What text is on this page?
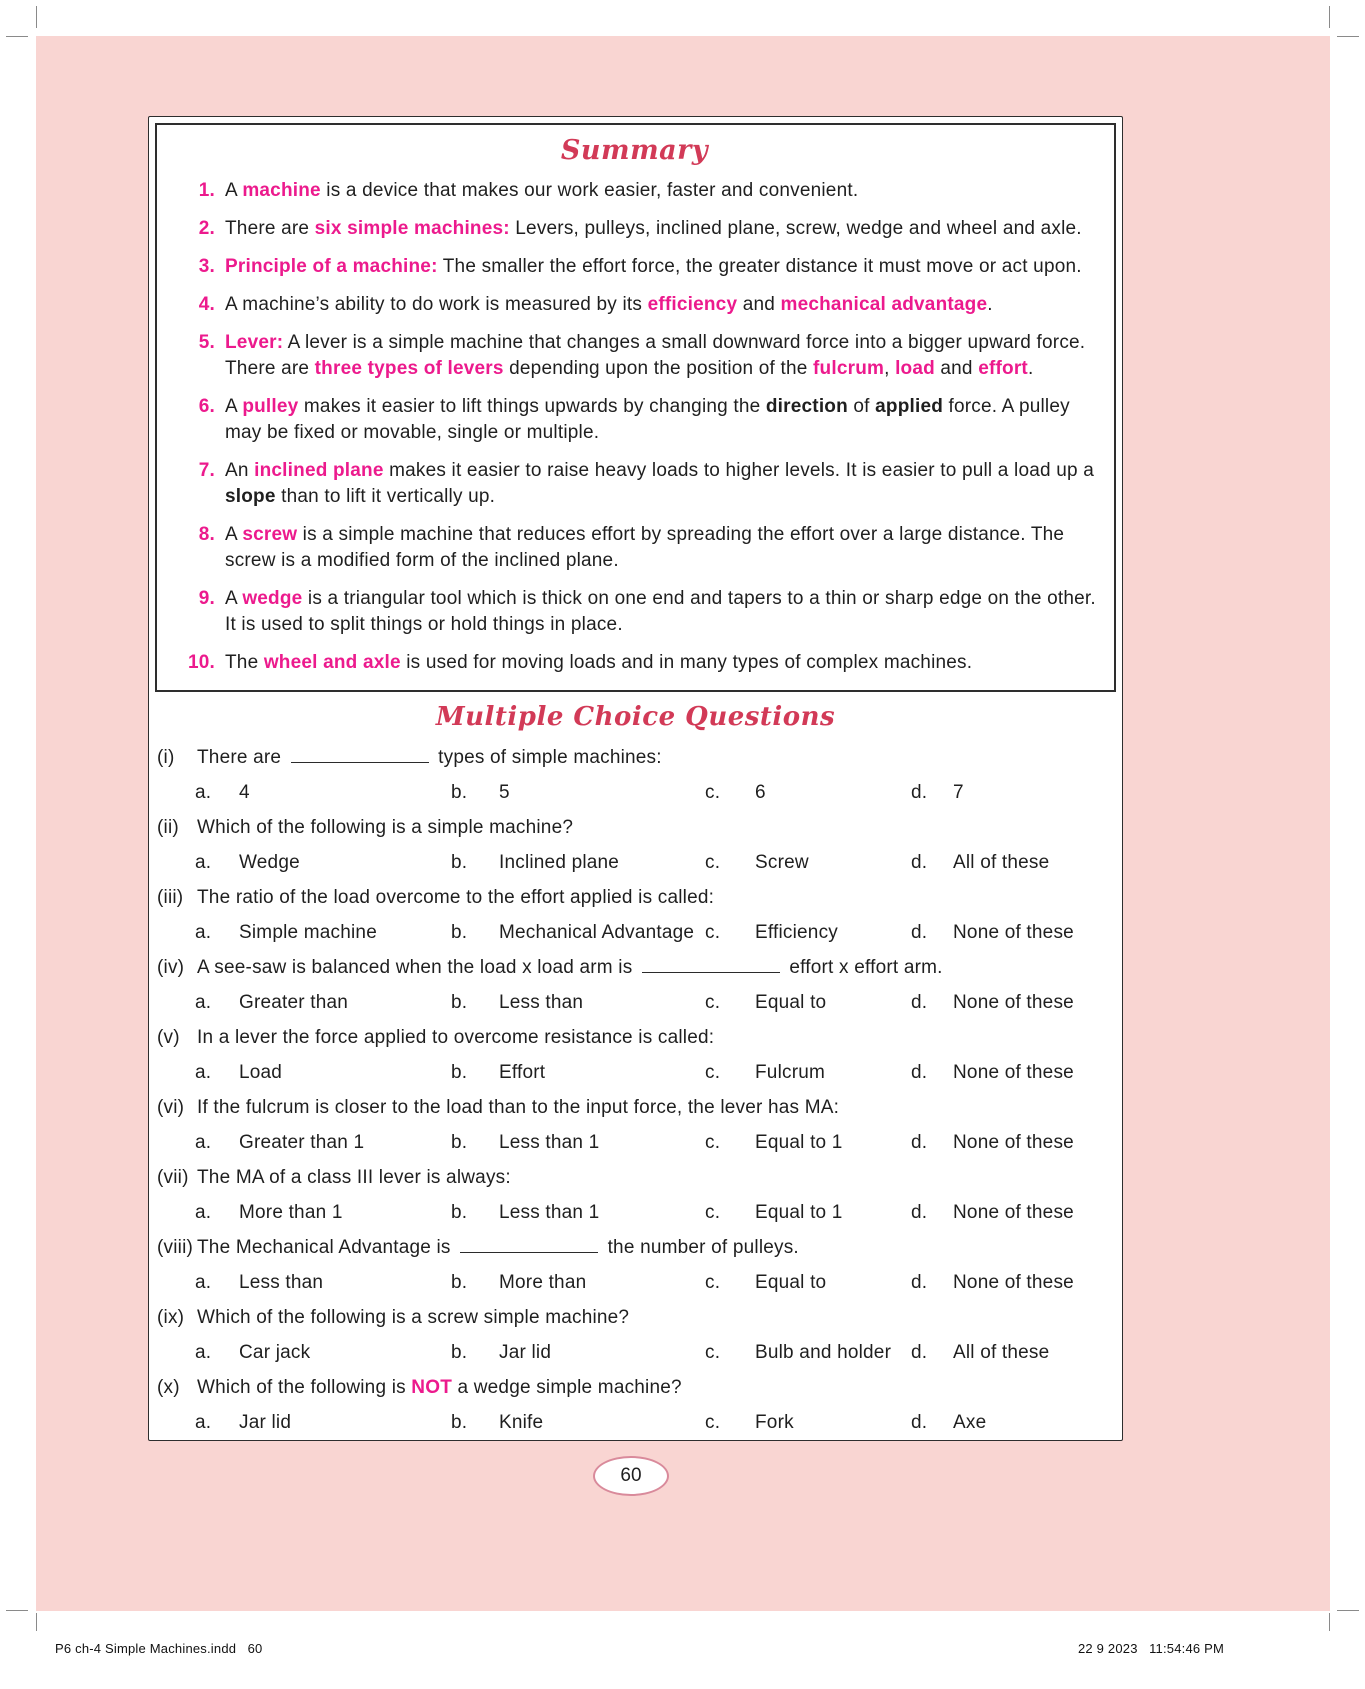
Summary
1. A machine is a device that makes our work easier, faster and convenient.
2. There are six simple machines: Levers, pulleys, inclined plane, screw, wedge and wheel and axle.
3. Principle of a machine: The smaller the effort force, the greater distance it must move or act upon.
4. A machine’s ability to do work is measured by its efficiency and mechanical advantage.
5. Lever: A lever is a simple machine that changes a small downward force into a bigger upward force. There are three types of levers depending upon the position of the fulcrum, load and effort.
6. A pulley makes it easier to lift things upwards by changing the direction of applied force. A pulley may be fixed or movable, single or multiple.
7. An inclined plane makes it easier to raise heavy loads to higher levels. It is easier to pull a load up a slope than to lift it vertically up.
8. A screw is a simple machine that reduces effort by spreading the effort over a large distance. The screw is a modified form of the inclined plane.
9. A wedge is a triangular tool which is thick on one end and tapers to a thin or sharp edge on the other. It is used to split things or hold things in place.
10. The wheel and axle is used for moving loads and in many types of complex machines.
Multiple Choice Questions
(i)	There are	types of simple machines:
a.	4	b.	5	c.	6	d.	7
(ii) Which of the following is a simple machine?
a.	Wedge	b.	Inclined plane	c.	Screw	d.	All of these
(iii) The ratio of the load overcome to the effort applied is called:
a.	Simple machine	b.	Mechanical Advantage c.	Efficiency	d.	None of these
(iv) A see-saw is balanced when the load x load arm is	effort x effort arm.
a.	Greater than	b.	Less than	c.	Equal to	d.	None of these
(v) In a lever the force applied to overcome resistance is called:
a.	Load	b.	Effort	c.	Fulcrum	d.	None of these
(vi) If the fulcrum is closer to the load than to the input force, the lever has MA:
a.	Greater than 1	b.	Less than 1	c.	Equal to 1	d.	None of these
(vii) The MA of a class III lever is always:
a.	More than 1	b.	Less than 1	c.	Equal to 1	d.	None of these
(viii) The Mechanical Advantage is	the number of pulleys.
a.	Less than	b.	More than	c.	Equal to	d.	None of these
(ix) Which of the following is a screw simple machine?
a.	Car jack	b.	Jar lid	c.	Bulb and holder	d.	All of these
(x) Which of the following is NOT a wedge simple machine?
a.	Jar lid	b.	Knife	c.	Fork	d.	Axe
60
P6 ch-4 Simple Machines.indd   60	22 9 2023   11:54:46 PM
